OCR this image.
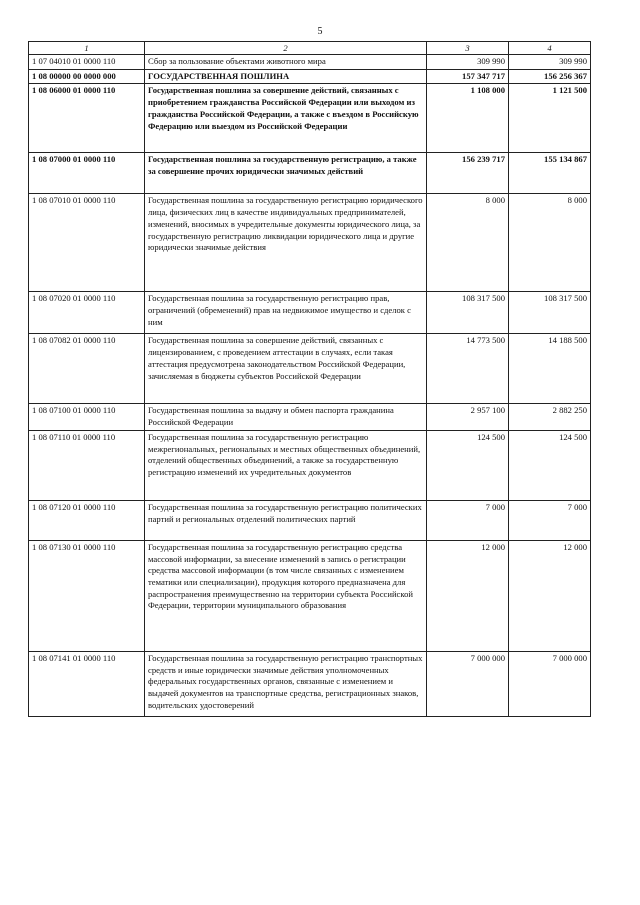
5
1	2	3	4
1 07 04010 01 0000 110	Сбор за пользование объектами животного мира	309 990	309 990
1 08 00000 00 0000 000	ГОСУДАРСТВЕННАЯ ПОШЛИНА	157 347 717	156 256 367
1 08 06000 01 0000 110	Государственная пошлина за совершение действий, связанных с приобретением гражданства Российской Федерации или выходом из гражданства Российской Федерации, а также с въездом в Российскую Федерацию или выездом из Российской Федерации	1 108 000	1 121 500
1 08 07000 01 0000 110	Государственная пошлина за государственную регистрацию, а также за совершение прочих юридически значимых действий	156 239 717	155 134 867
1 08 07010 01 0000 110	Государственная пошлина за государственную регистрацию юридического лица, физических лиц в качестве индивидуальных предпринимателей, изменений, вносимых в учредительные документы юридического лица, за государственную регистрацию ликвидации юридического лица и другие юридически значимые действия	8 000	8 000
1 08 07020 01 0000 110	Государственная пошлина за государственную регистрацию прав, ограничений (обременений) прав на недвижимое имущество и сделок с ним	108 317 500	108 317 500
1 08 07082 01 0000 110	Государственная пошлина за совершение действий, связанных с лицензированием, с проведением аттестации в случаях, если такая аттестация предусмотрена законодательством Российской Федерации, зачисляемая в бюджеты субъектов Российской Федерации	14 773 500	14 188 500
1 08 07100 01 0000 110	Государственная пошлина за выдачу и обмен паспорта гражданина Российской Федерации	2 957 100	2 882 250
1 08 07110 01 0000 110	Государственная пошлина за государственную регистрацию межрегиональных, региональных и местных общественных объединений, отделений общественных объединений, а также за государственную регистрацию изменений их учредительных документов	124 500	124 500
1 08 07120 01 0000 110	Государственная пошлина за государственную регистрацию политических партий и региональных отделений политических партий	7 000	7 000
1 08 07130 01 0000 110	Государственная пошлина за государственную регистрацию средства массовой информации, за внесение изменений в запись о регистрации средства массовой информации (в том числе связанных с изменением тематики или специализации), продукция которого предназначена для распространения преимущественно на территории субъекта Российской Федерации, территории муниципального образования	12 000	12 000
1 08 07141 01 0000 110	Государственная пошлина за государственную регистрацию транспортных средств и иные юридически значимые действия уполномоченных федеральных государственных органов, связанные с изменением и выдачей документов на транспортные средства, регистрационных знаков, водительских удостоверений	7 000 000	7 000 000
